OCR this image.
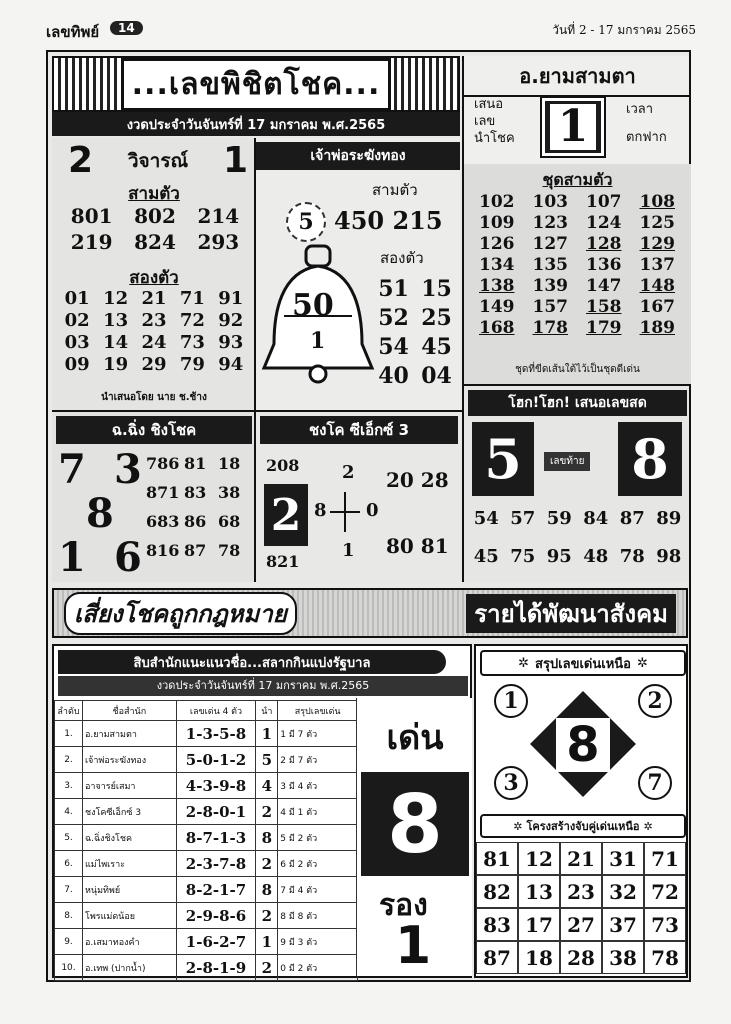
เลขทิพย์	14	วันที่ 2 - 17 มกราคม 2565
...เลขพิชิตโชค...
งวดประจำวันจันทร์ที่ 17 มกราคม พ.ศ.2565
2 วิจารณ์ 1
สามตัว
801	802	214
219	824	293
สองตัว
01 12 21 71 91
02 13 23 72 92
03 14 24 73 93
09 19 29 79 94
นำเสนอโดย นาย ช.ช้าง
เจ้าพ่อระฆังทอง
สามตัว
5 450 215
สองตัว
50
1
51 15
52 25
54 45
40 04
อ.ยามสามตา
เสนอ
เลข
นำโชค 1	เวลา
ตกฟาก
ชุดสามตัว
102	103	107	108
109	123	124	125
126	127	128	129
134	135	136	137
138	139	147	148
149	157	158	167
168	178	179	189
ชุดที่ขีดเส้นใต้ไว้เป็นชุดดีเด่น
โฮก!โฮก! เสนอเลขสด
5	เลขท้าย 8
54 57 59 84 87 89
45 75 95 48 78 98
ฉ.ฉิ่ง ชิงโชค
7 3
8
1 6
786 81 18
871 83 38
683 86 68
816 87 78
ชงโค ซีเอ็กซ์ 3
208 2 20 28
2 8 0
80 81
1
821
เสี่ยงโชคถูกกฎหมาย	รายได้พัฒนาสังคม
สิบสำนักแนะแนวชื่อ...สลากกินแบ่งรัฐบาล
งวดประจำวันจันทร์ที่ 17 มกราคม พ.ศ.2565
ลำดับ	ชื่อสำนัก	เลขเด่น 4 ตัว	นำ	สรุปเลขเด่น
1.	อ.ยามสามตา	1-3-5-8	1	1 มี 7 ตัว
2.	เจ้าพ่อระฆังทอง	5-0-1-2	5	2 มี 7 ตัว
3.	อาจารย์เสมา	4-3-9-8	4	3 มี 4 ตัว
4.	ชงโคซีเอ็กซ์ 3	2-8-0-1	2	4 มี 1 ตัว
5.	ฉ.ฉิ่งชิงโชค	8-7-1-3	8	5 มี 2 ตัว
6.	แม่ไพเราะ	2-3-7-8	2	6 มี 2 ตัว
7.	หนุ่มทิพย์	8-2-1-7	8	7 มี 4 ตัว
8.	โพรแม่ดน้อย	2-9-8-6	2	8 มี 8 ตัว
9.	อ.เสมาทองคำ	1-6-2-7	1	9 มี 3 ตัว
10.	อ.เทพ (ปากน้ำ)	2-8-1-9	2	0 มี 2 ตัว
เด่น
8
รอง
1
✲ สรุปเลขเด่นเหนือ ✲
8
1	2
3	7
✲ โครงสร้างจับคู่เด่นเหนือ ✲
81 12 21 31 71
82 13 23 32 72
83 17 27 37 73
87 18 28 38 78
